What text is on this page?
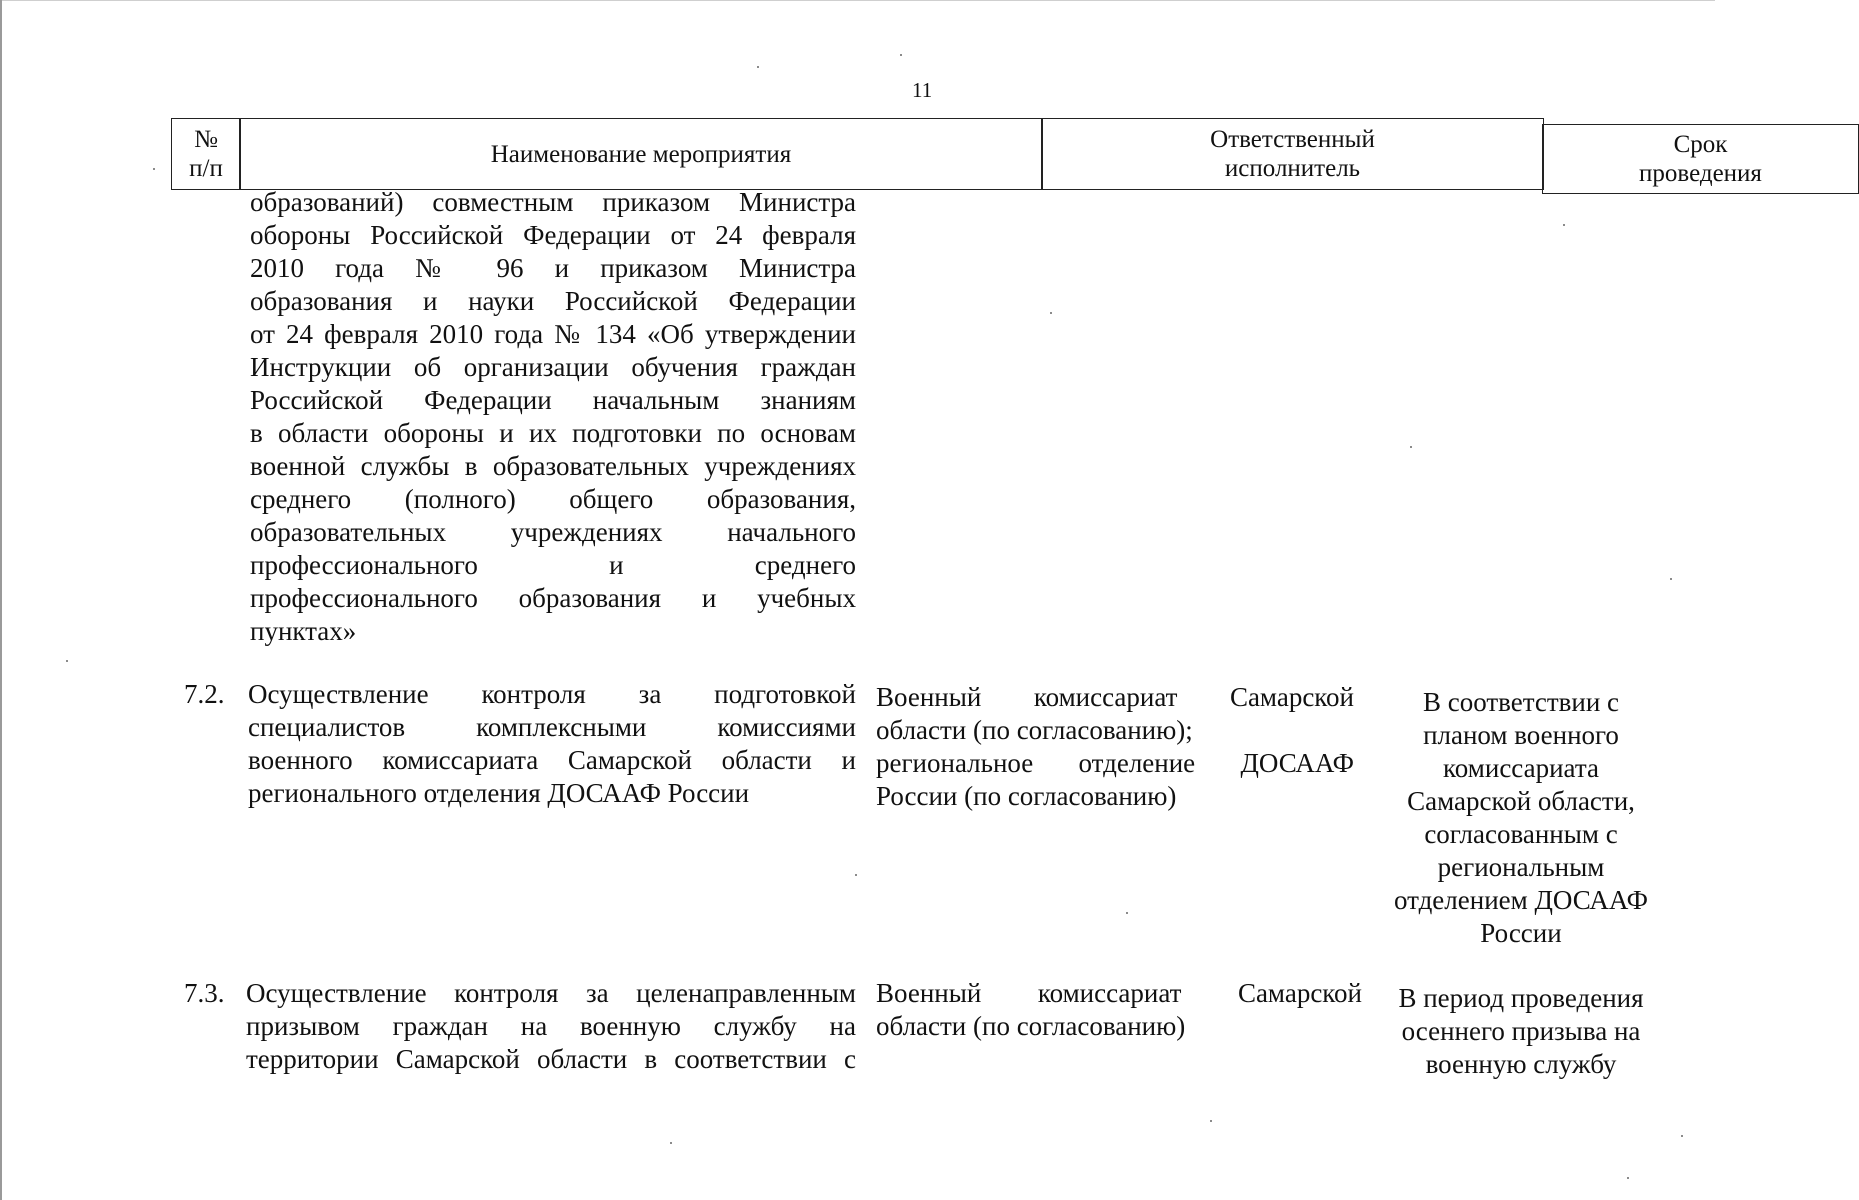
11
№
п/п
Наименование мероприятия
Ответственный
исполнитель
Срок
проведения
образований) совместным приказом Министра
обороны Российской Федерации от 24 февраля
2010 года № 96 и приказом Министра
образования и науки Российской Федерации
от 24 февраля 2010 года № 134 «Об утверждении
Инструкции об организации обучения граждан
Российской Федерации начальным знаниям
в области обороны и их подготовки по основам
военной службы в образовательных учреждениях
среднего (полного) общего образования,
образовательных учреждениях начального
профессионального и среднего
профессионального образования и учебных
пунктах»
7.2. Осуществление контроля за подготовкой
специалистов комплексными комиссиями
военного комиссариата Самарской области и
регионального отделения ДОСААФ России
Военный комиссариат Самарской
области (по согласованию);
региональное отделение ДОСААФ
России (по согласованию)
В соответствии с
планом военного
комиссариата
Самарской области,
согласованным с
региональным
отделением ДОСААФ
России
7.3. Осуществление контроля за целенаправленным
призывом граждан на военную службу на
территории Самарской области в соответствии с
Военный комиссариат Самарской
области (по согласованию)
В период проведения
осеннего призыва на
военную службу
